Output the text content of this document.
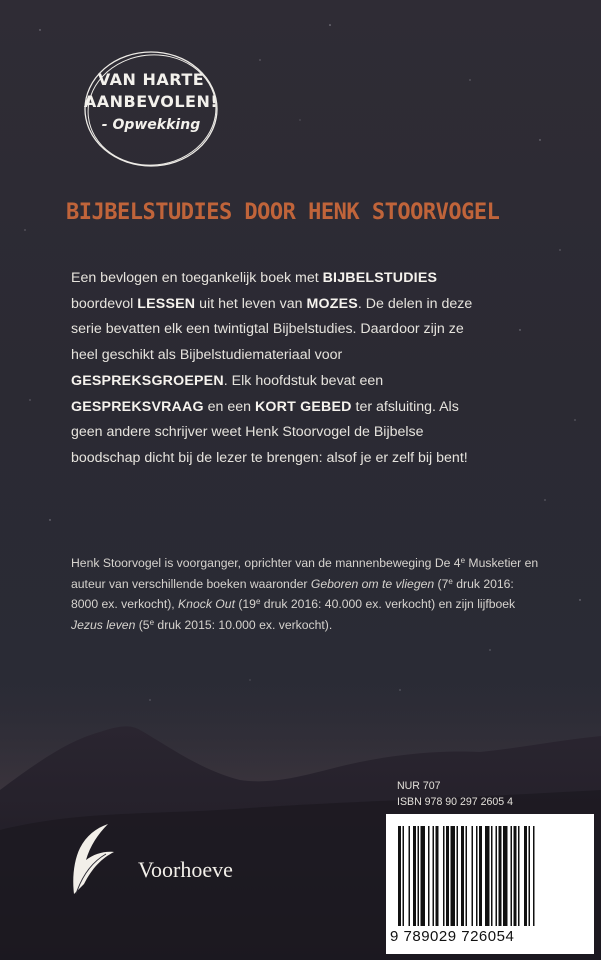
VAN HARTE
AANBEVOLEN!
- Opwekking
BIJBELSTUDIES DOOR HENK STOORVOGEL
Een bevlogen en toegankelijk boek met BIJBELSTUDIES boordevol LESSEN uit het leven van MOZES. De delen in deze serie bevatten elk een twintigtal Bijbelstudies. Daardoor zijn ze heel geschikt als Bijbelstudiemateriaal voor GESPREKSGROEPEN. Elk hoofdstuk bevat een GESPREKSVRAAG en een KORT GEBED ter afsluiting. Als geen andere schrijver weet Henk Stoorvogel de Bijbelse boodschap dicht bij de lezer te brengen: alsof je er zelf bij bent!
Henk Stoorvogel is voorganger, oprichter van de mannenbeweging De 4e Musketier en auteur van verschillende boeken waaronder Geboren om te vliegen (7e druk 2016: 8000 ex. verkocht), Knock Out (19e druk 2016: 40.000 ex. verkocht) en zijn lijfboek Jezus leven (5e druk 2015: 10.000 ex. verkocht).
NUR 707
ISBN 978 90 297 2605 4
9 789029 726054
Voorhoeve
